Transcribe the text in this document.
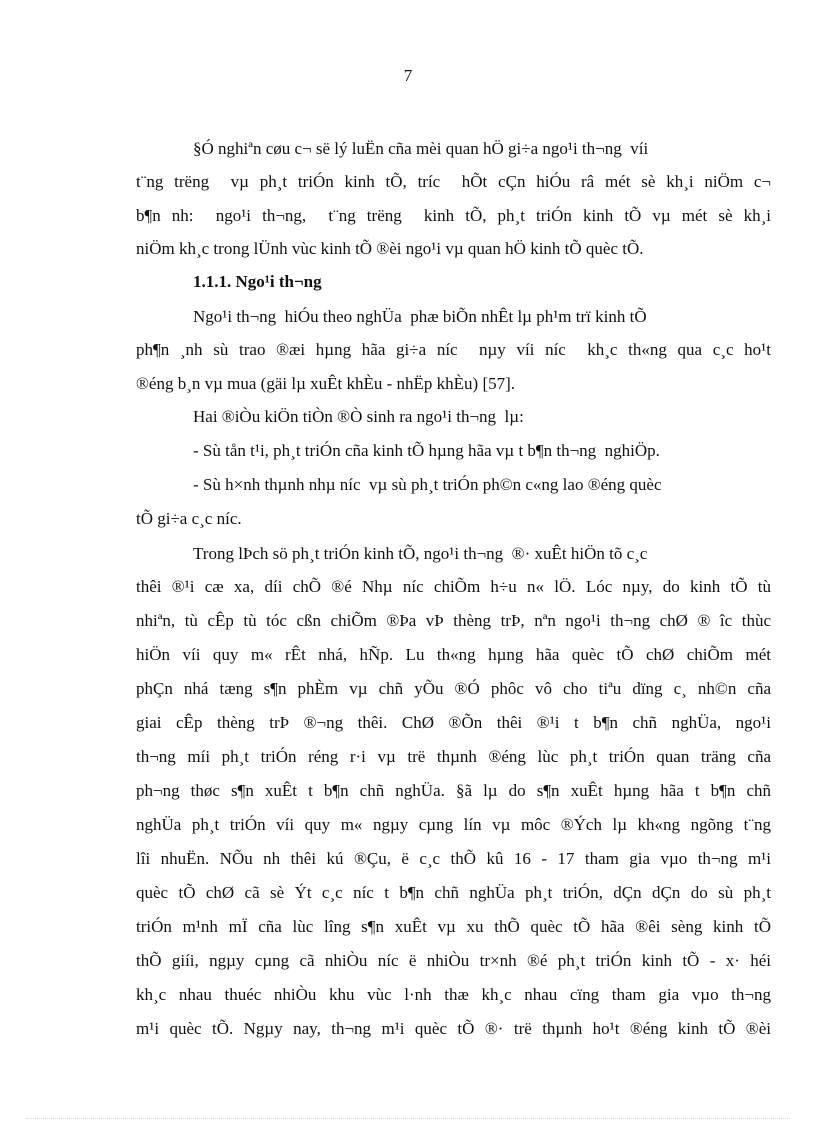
7
§Ó nghiªn cøu c¬ së lý luËn cña mèi quan hÖ gi÷a ngo¹i th¬ng  víi
t¨ng trëng  vµ ph¸t triÓn kinh tÕ, tríc  hÕt cÇn hiÓu râ mét sè kh¸i niÖm c¬
b¶n nh:  ngo¹i th¬ng,  t¨ng trëng  kinh tÕ, ph¸t triÓn kinh tÕ vµ mét sè kh¸i
niÖm kh¸c trong lÜnh vùc kinh tÕ ®èi ngo¹i vµ quan hÖ kinh tÕ quèc tÕ.
1.1.1. Ngo¹i th¬ng
Ngo¹i th¬ng  hiÓu theo nghÜa  phæ biÕn nhÊt lµ ph¹m trï kinh tÕ
ph¶n ¸nh sù trao ®æi hµng hãa gi÷a níc  nµy víi níc  kh¸c th«ng qua c¸c ho¹t
®éng b¸n vµ mua (gäi lµ xuÊt khÈu - nhËp khÈu) [57].
Hai ®iÒu kiÖn tiÒn ®Ò sinh ra ngo¹i th¬ng  lµ:
- Sù tån t¹i, ph¸t triÓn cña kinh tÕ hµng hãa vµ t b¶n th¬ng  nghiÖp.
- Sù h×nh thµnh nhµ níc  vµ sù ph¸t triÓn ph©n c«ng lao ®éng quèc
tÕ gi÷a c¸c níc.
Trong lÞch sö ph¸t triÓn kinh tÕ, ngo¹i th¬ng  ®· xuÊt hiÖn tõ c¸c
thêi ®¹i cæ xa, díi chÕ ®é Nhµ níc chiÕm h÷u n« lÖ. Lóc nµy, do kinh tÕ tù
nhiªn, tù cÊp tù tóc cßn chiÕm ®Þa vÞ thèng trÞ, nªn ngo¹i th¬ng chØ ® îc thùc
hiÖn víi quy m« rÊt nhá, hÑp. Lu th«ng hµng hãa quèc tÕ chØ chiÕm mét
phÇn nhá tæng s¶n phÈm vµ chñ yÕu ®Ó phôc vô cho tiªu dïng c¸ nh©n cña
giai cÊp thèng trÞ ®¬ng thêi. ChØ ®Õn thêi ®¹i t b¶n chñ nghÜa, ngo¹i
th¬ng míi ph¸t triÓn réng r·i vµ trë thµnh ®éng lùc ph¸t triÓn quan träng cña
ph¬ng thøc s¶n xuÊt t b¶n chñ nghÜa. §ã lµ do s¶n xuÊt hµng hãa t b¶n chñ
nghÜa ph¸t triÓn víi quy m« ngµy cµng lín vµ môc ®Ých lµ kh«ng ngõng t¨ng
lîi nhuËn. NÕu nh thêi kú ®Çu, ë c¸c thÕ kû 16 - 17 tham gia vµo th¬ng m¹i
quèc tÕ chØ cã sè Ýt c¸c níc t b¶n chñ nghÜa ph¸t triÓn, dÇn dÇn do sù ph¸t
triÓn m¹nh mÏ cña lùc lîng s¶n xuÊt vµ xu thÕ quèc tÕ hãa ®êi sèng kinh tÕ
thÕ giíi, ngµy cµng cã nhiÒu níc ë nhiÒu tr×nh ®é ph¸t triÓn kinh tÕ - x· héi
kh¸c nhau thuéc nhiÒu khu vùc l·nh thæ kh¸c nhau cïng tham gia vµo th¬ng
m¹i quèc tÕ. Ngµy nay, th¬ng m¹i quèc tÕ ®· trë thµnh ho¹t ®éng kinh tÕ ®èi
